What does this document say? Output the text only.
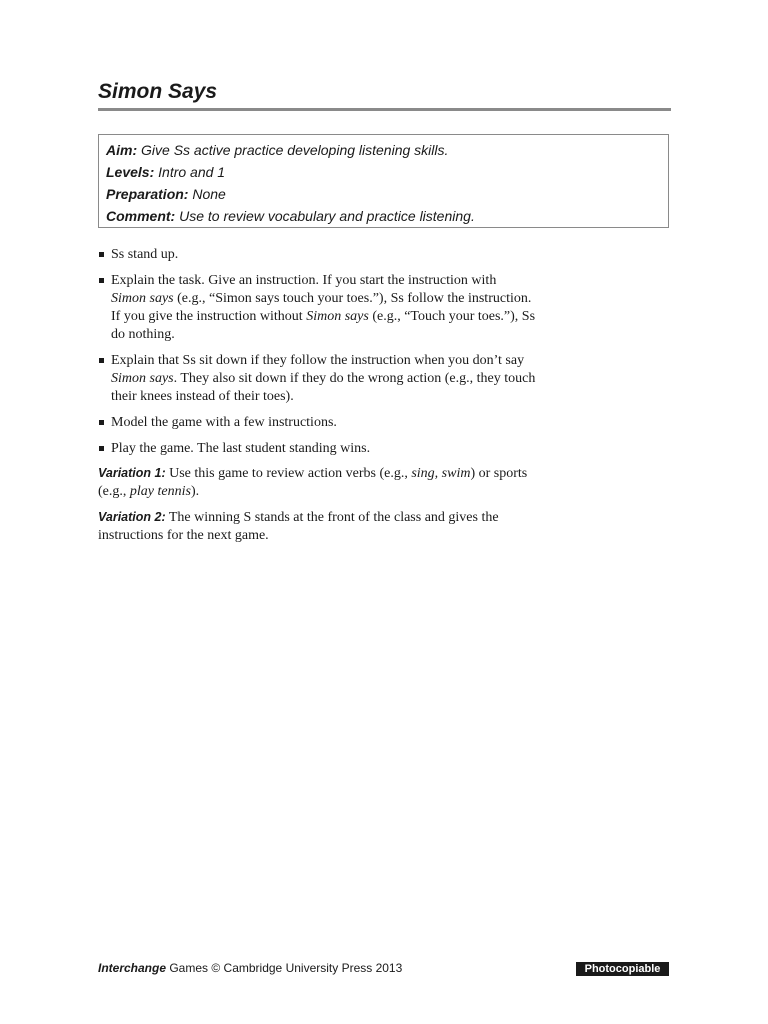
Simon Says
Aim: Give Ss active practice developing listening skills.
Levels: Intro and 1
Preparation: None
Comment: Use to review vocabulary and practice listening.
Ss stand up.
Explain the task. Give an instruction. If you start the instruction with
Simon says (e.g., “Simon says touch your toes.”), Ss follow the instruction. If you give the instruction without Simon says (e.g., “Touch your toes.”), Ss do nothing.
Explain that Ss sit down if they follow the instruction when you don’t say Simon says. They also sit down if they do the wrong action (e.g., they touch their knees instead of their toes).
Model the game with a few instructions.
Play the game. The last student standing wins.
Variation 1: Use this game to review action verbs (e.g., sing, swim) or sports (e.g., play tennis).
Variation 2: The winning S stands at the front of the class and gives the instructions for the next game.
Interchange Games © Cambridge University Press 2013	Photocopiable
